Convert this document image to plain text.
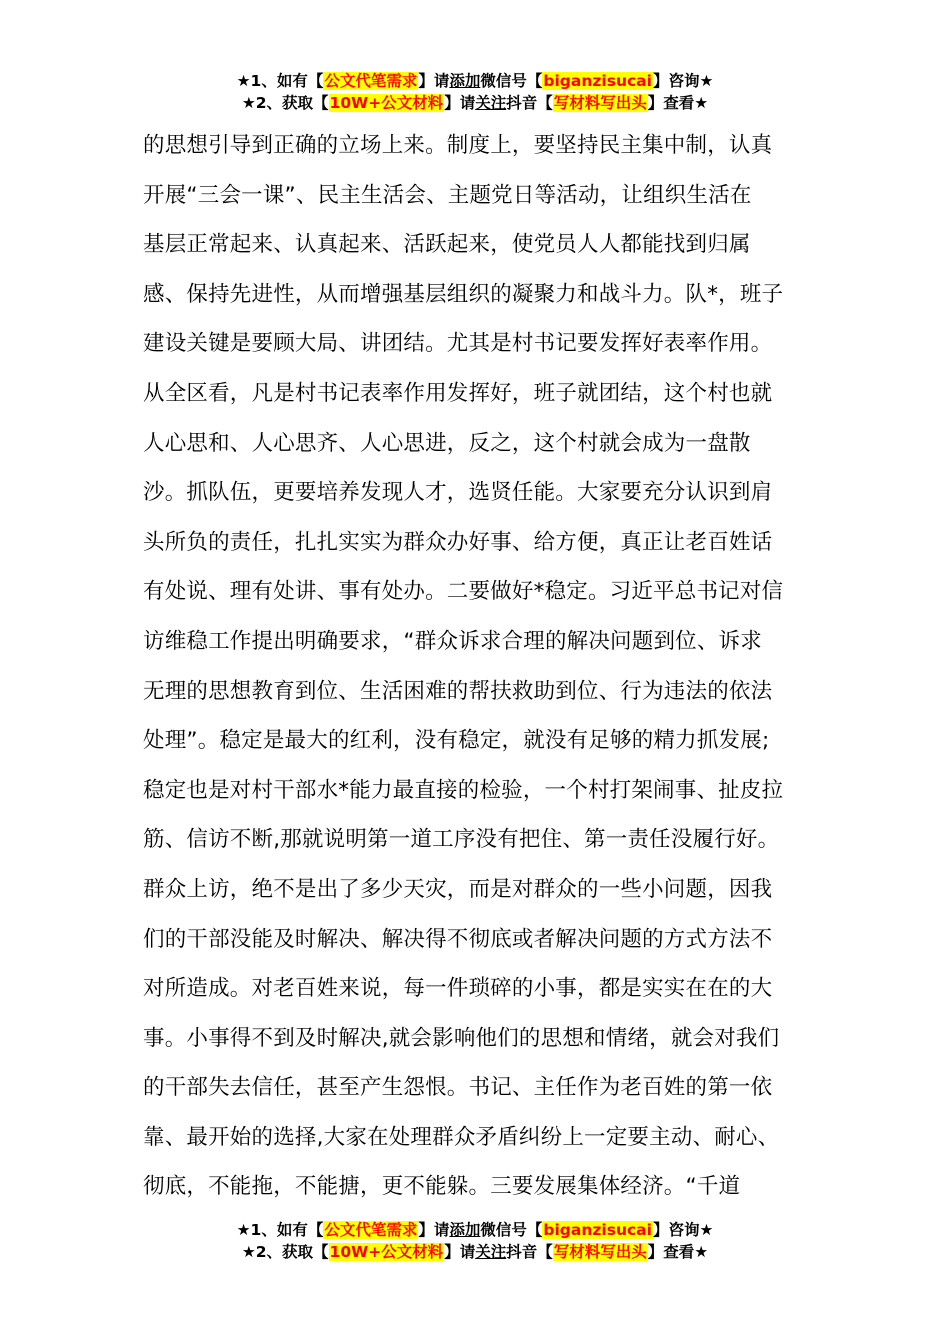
★1、如有【公文代笔需求】请添加微信号【biganzisucai】咨询★
★2、获取【10W+公文材料】请关注抖音【写材料写出头】查看★
的思想引导到正确的立场上来。制度上，要坚持民主集中制，认真
开展“三会一课”、民主生活会、主题党日等活动，让组织生活在
基层正常起来、认真起来、活跃起来，使党员人人都能找到归属
感、保持先进性，从而增强基层组织的凝聚力和战斗力。队*，班子
建设关键是要顾大局、讲团结。尤其是村书记要发挥好表率作用。
从全区看，凡是村书记表率作用发挥好，班子就团结，这个村也就
人心思和、人心思齐、人心思进，反之，这个村就会成为一盘散
沙。抓队伍，更要培养发现人才，选贤任能。大家要充分认识到肩
头所负的责任，扎扎实实为群众办好事、给方便，真正让老百姓话
有处说、理有处讲、事有处办。二要做好*稳定。习近平总书记对信
访维稳工作提出明确要求，“群众诉求合理的解决问题到位、诉求
无理的思想教育到位、生活困难的帮扶救助到位、行为违法的依法
处理”。稳定是最大的红利，没有稳定，就没有足够的精力抓发展;
稳定也是对村干部水*能力最直接的检验，一个村打架闹事、扯皮拉
筋、信访不断,那就说明第一道工序没有把住、第一责任没履行好。
群众上访，绝不是出了多少天灾，而是对群众的一些小问题，因我
们的干部没能及时解决、解决得不彻底或者解决问题的方式方法不
对所造成。对老百姓来说，每一件琐碎的小事，都是实实在在的大
事。小事得不到及时解决,就会影响他们的思想和情绪，就会对我们
的干部失去信任，甚至产生怨恨。书记、主任作为老百姓的第一依
靠、最开始的选择,大家在处理群众矛盾纠纷上一定要主动、耐心、
彻底，不能拖，不能搪，更不能躲。三要发展集体经济。“千道
★1、如有【公文代笔需求】请添加微信号【biganzisucai】咨询★
★2、获取【10W+公文材料】请关注抖音【写材料写出头】查看★
